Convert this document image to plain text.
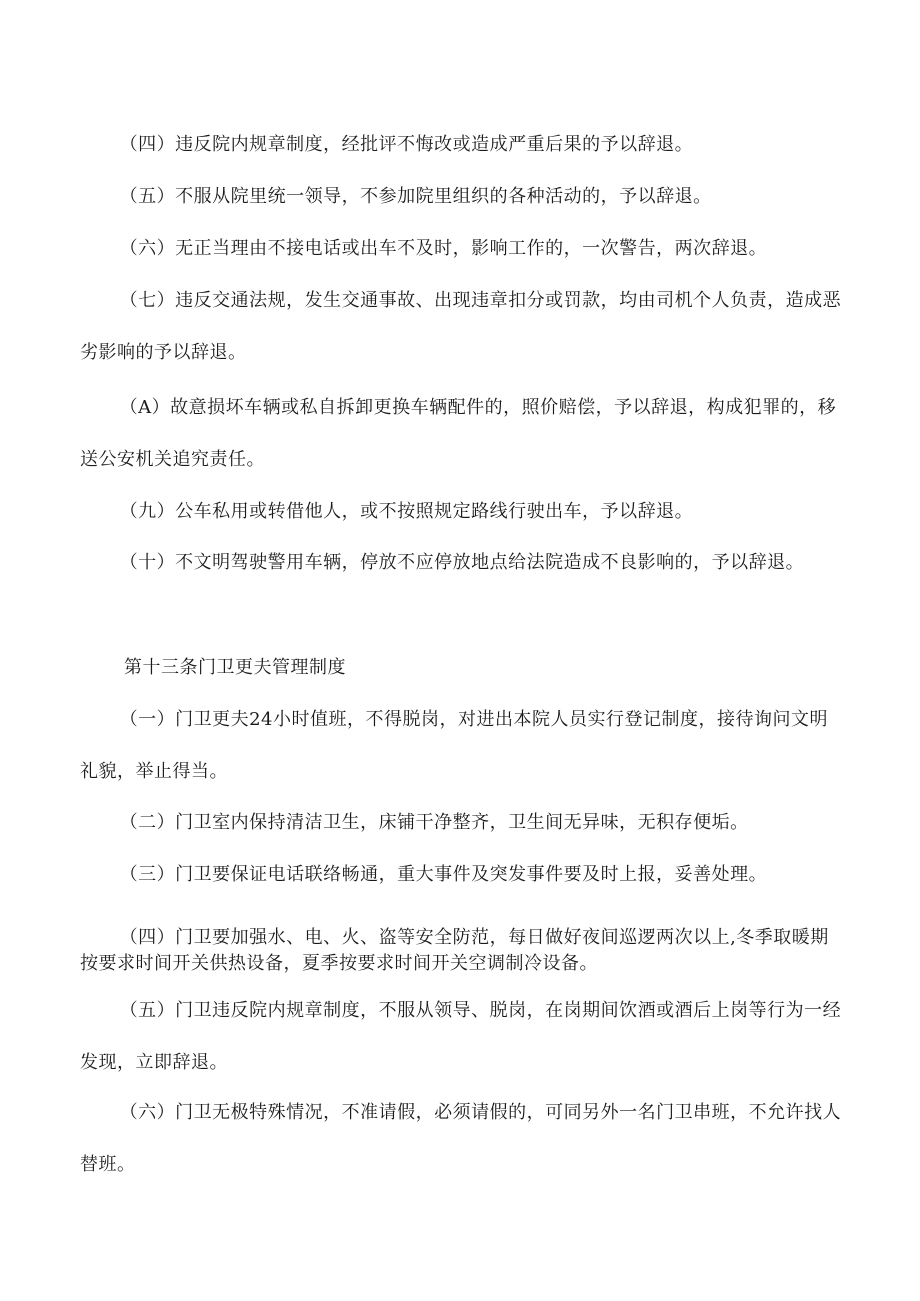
（四）违反院内规章制度，经批评不悔改或造成严重后果的予以辞退。

（五）不服从院里统一领导，不参加院里组织的各种活动的，予以辞退。

（六）无正当理由不接电话或出车不及时，影响工作的，一次警告，两次辞退。

（七）违反交通法规，发生交通事故、出现违章扣分或罚款，均由司机个人负责，造成恶劣影响的予以辞退。

（A）故意损坏车辆或私自拆卸更换车辆配件的，照价赔偿，予以辞退，构成犯罪的，移送公安机关追究责任。

（九）公车私用或转借他人，或不按照规定路线行驶出车，予以辞退。

（十）不文明驾驶警用车辆，停放不应停放地点给法院造成不良影响的，予以辞退。

第十三条门卫更夫管理制度

（一）门卫更夫24小时值班，不得脱岗，对进出本院人员实行登记制度，接待询问文明礼貌，举止得当。

（二）门卫室内保持清洁卫生，床铺干净整齐，卫生间无异味，无积存便垢。

（三）门卫要保证电话联络畅通，重大事件及突发事件要及时上报，妥善处理。

（四）门卫要加强水、电、火、盗等安全防范，每日做好夜间巡逻两次以上,冬季取暖期按要求时间开关供热设备，夏季按要求时间开关空调制冷设备。

（五）门卫违反院内规章制度，不服从领导、脱岗，在岗期间饮酒或酒后上岗等行为一经发现，立即辞退。

（六）门卫无极特殊情况，不准请假，必须请假的，可同另外一名门卫串班，不允许找人替班。
